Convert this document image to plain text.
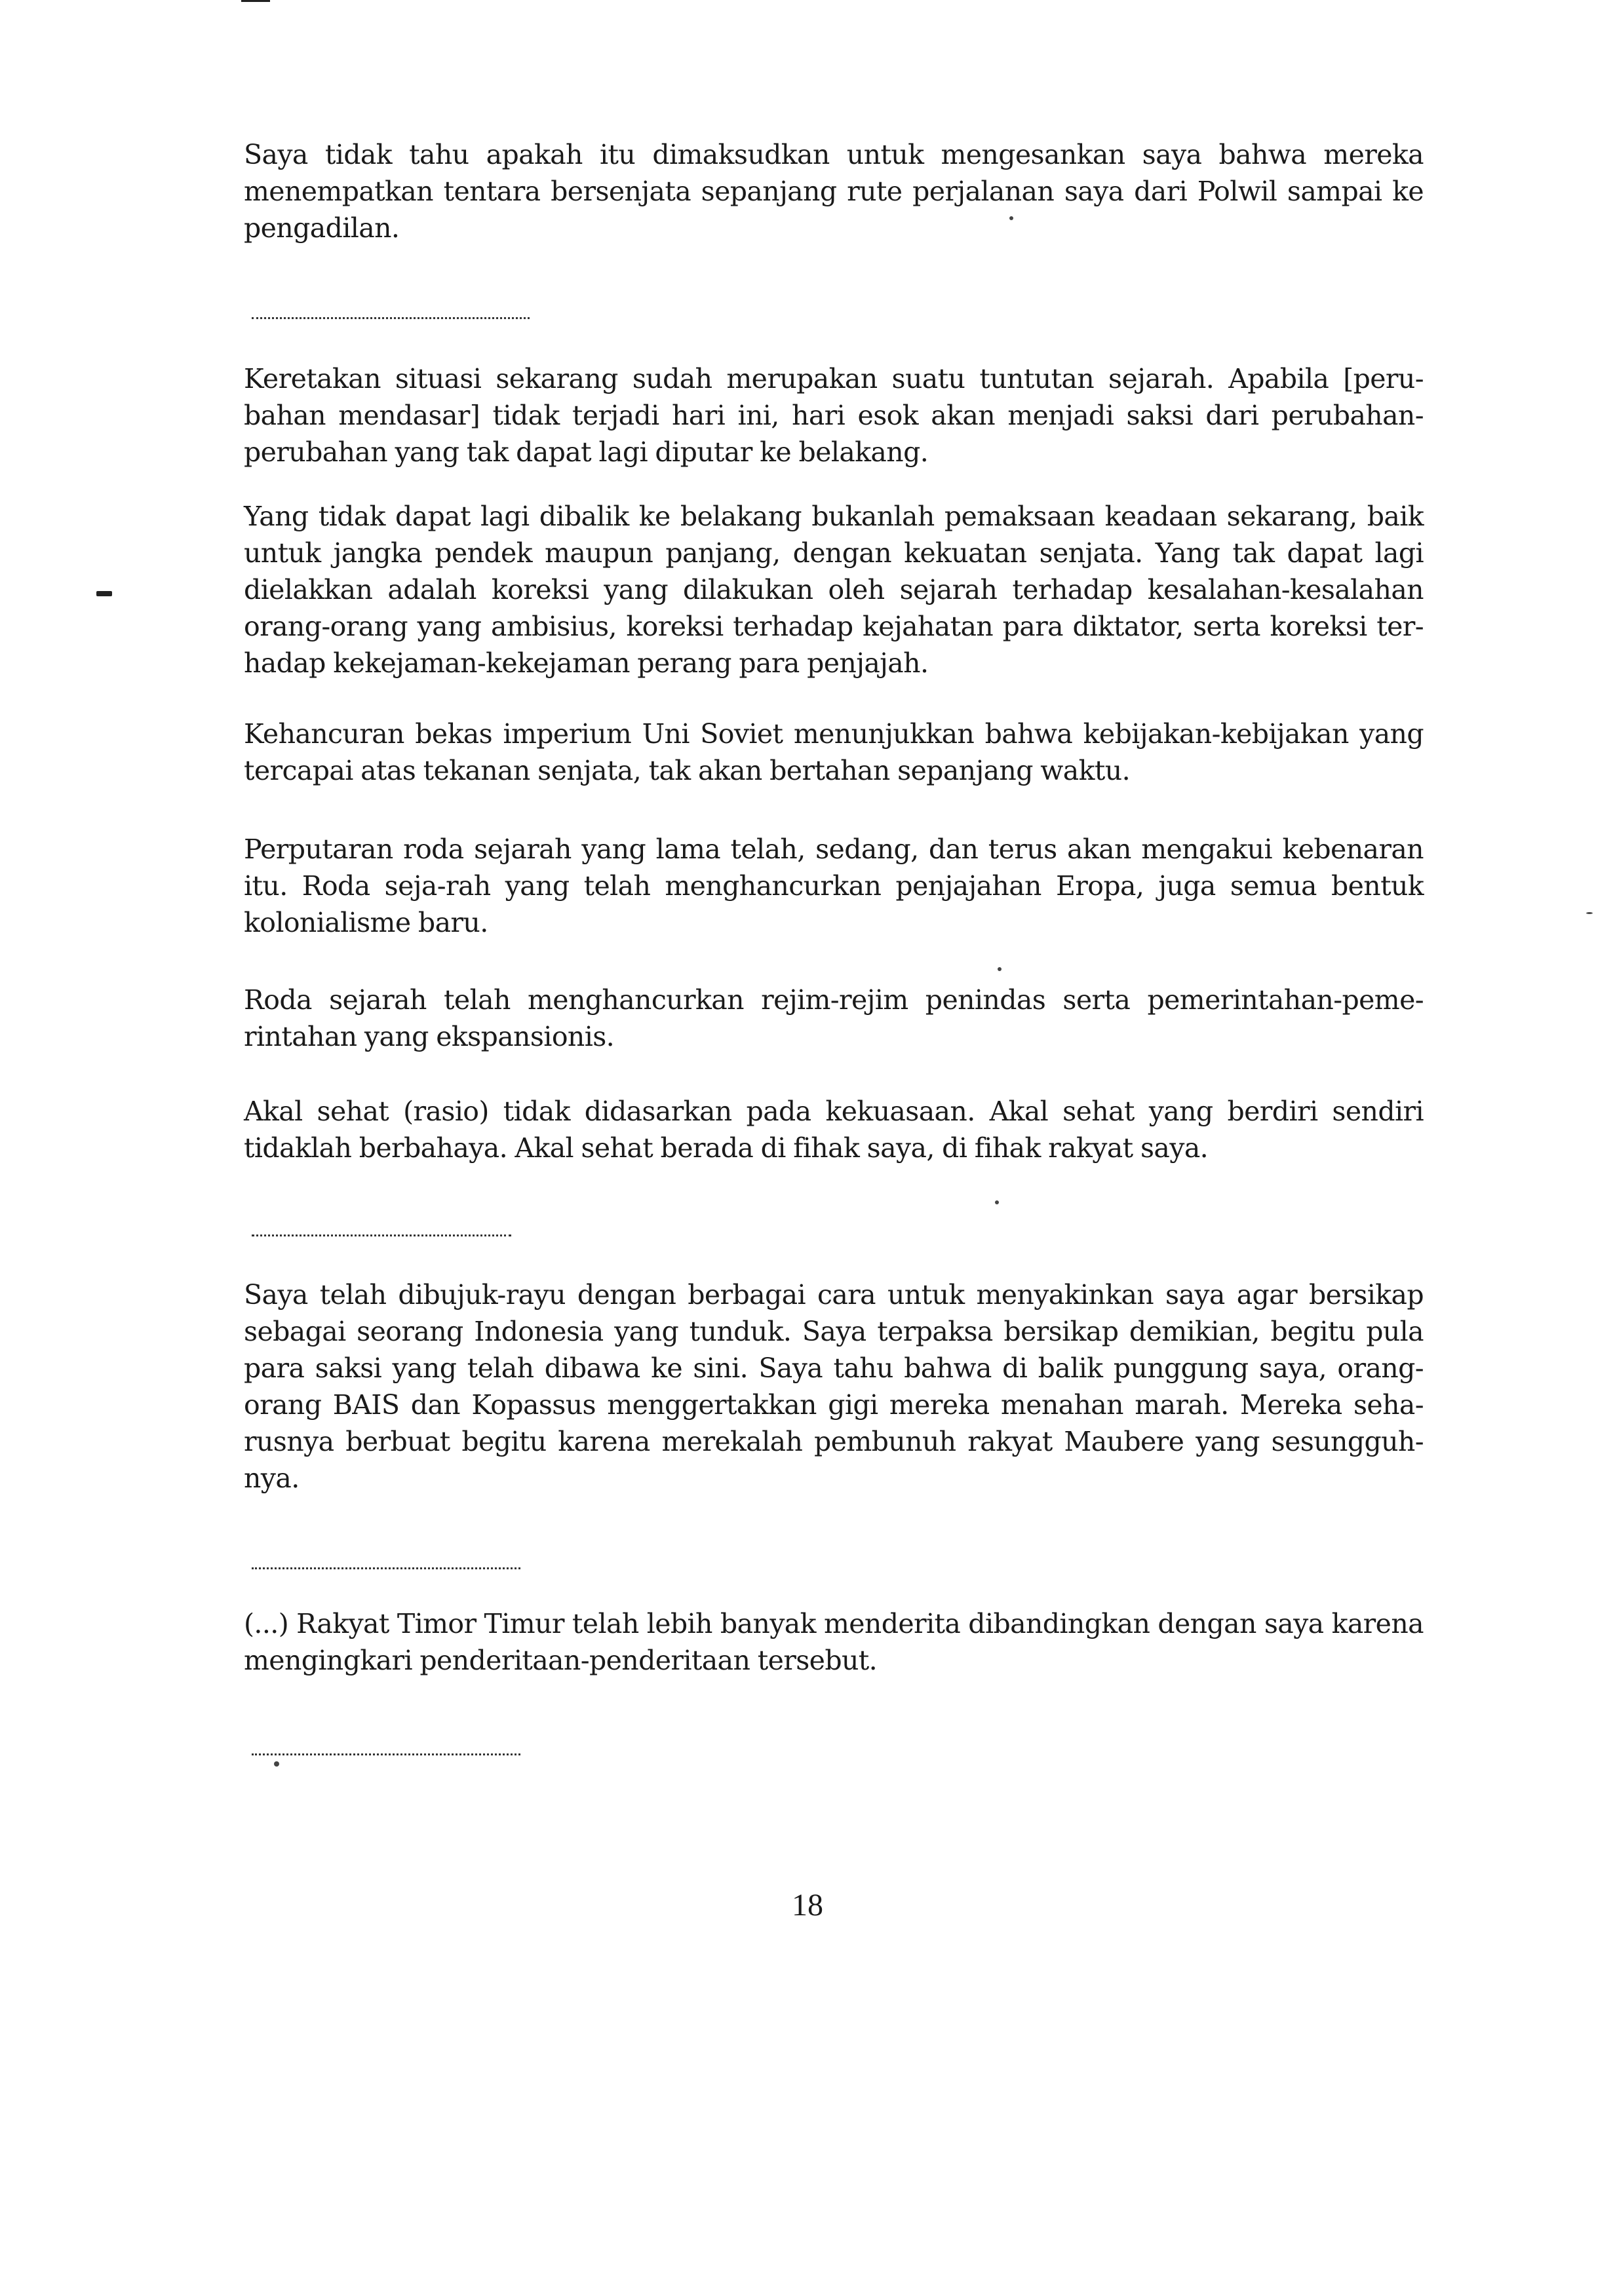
Saya tidak tahu apakah itu dimaksudkan untuk mengesankan saya bahwa mereka menempatkan tentara bersenjata sepanjang rute perjalanan saya dari Polwil sampai ke pengadilan.

Keretakan situasi sekarang sudah merupakan suatu tuntutan sejarah. Apabila [peru-bahan mendasar] tidak terjadi hari ini, hari esok akan menjadi saksi dari perubahan-perubahan yang tak dapat lagi diputar ke belakang.

Yang tidak dapat lagi dibalik ke belakang bukanlah pemaksaan keadaan sekarang, baik untuk jangka pendek maupun panjang, dengan kekuatan senjata. Yang tak dapat lagi dielakkan adalah koreksi yang dilakukan oleh sejarah terhadap kesalahan-kesalahan orang-orang yang ambisius, koreksi terhadap kejahatan para diktator, serta koreksi ter-hadap kekejaman-kekejaman perang para penjajah.

Kehancuran bekas imperium Uni Soviet menunjukkan bahwa kebijakan-kebijakan yang tercapai atas tekanan senjata, tak akan bertahan sepanjang waktu.

Perputaran roda sejarah yang lama telah, sedang, dan terus akan mengakui kebenaran itu. Roda seja-rah yang telah menghancurkan penjajahan Eropa, juga semua bentuk kolonialisme baru.

Roda sejarah telah menghancurkan rejim-rejim penindas serta pemerintahan-peme-rintahan yang ekspansionis.

Akal sehat (rasio) tidak didasarkan pada kekuasaan. Akal sehat yang berdiri sendiri tidaklah berbahaya. Akal sehat berada di fihak saya, di fihak rakyat saya.

Saya telah dibujuk-rayu dengan berbagai cara untuk menyakinkan saya agar bersikap sebagai seorang Indonesia yang tunduk. Saya terpaksa bersikap demikian, begitu pula para saksi yang telah dibawa ke sini. Saya tahu bahwa di balik punggung saya, orang-orang BAIS dan Kopassus menggertakkan gigi mereka menahan marah. Mereka seha-rusnya berbuat begitu karena merekalah pembunuh rakyat Maubere yang sesungguh-nya.

(...) Rakyat Timor Timur telah lebih banyak menderita dibandingkan dengan saya karena mengingkari penderitaan-penderitaan tersebut.

18
